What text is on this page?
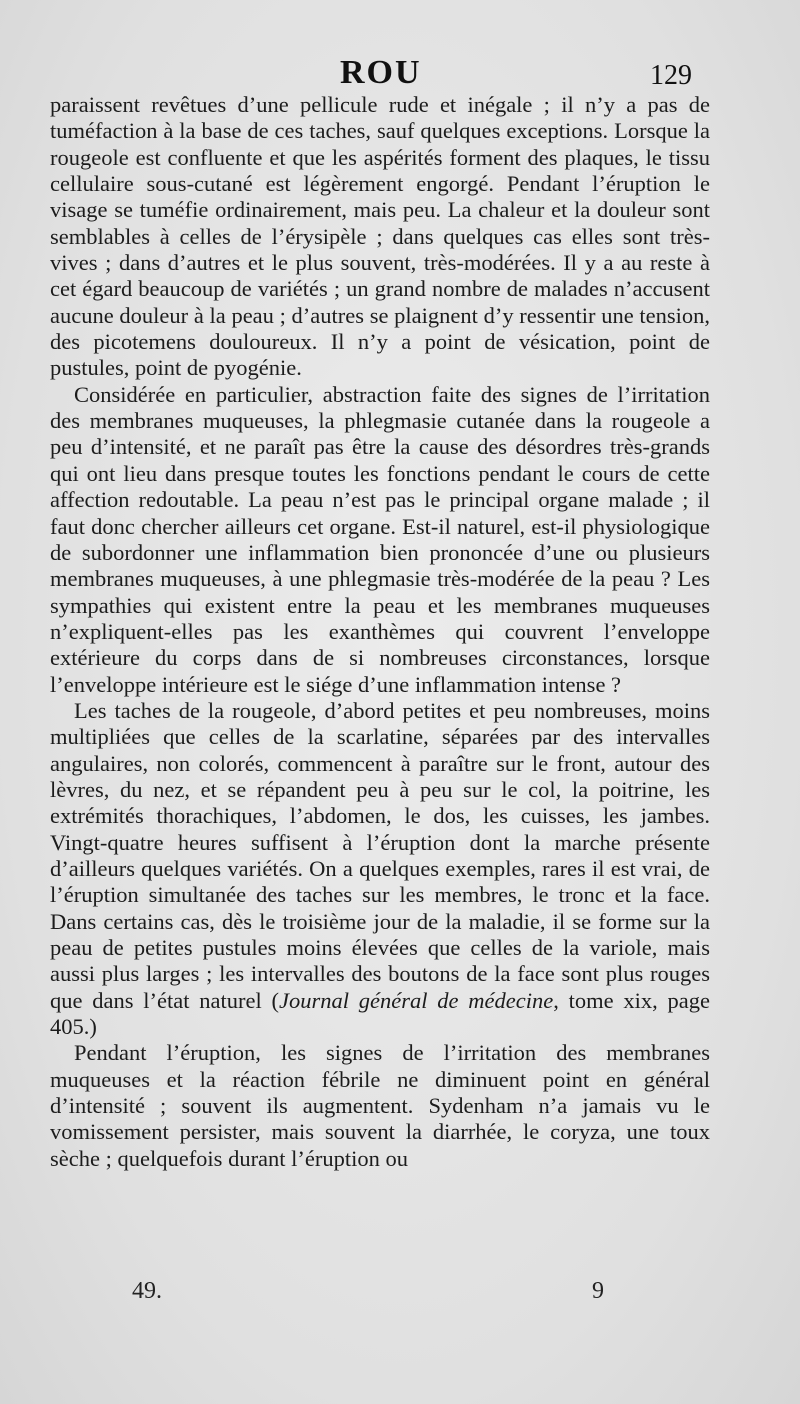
ROU	129

paraissent revêtues d’une pellicule rude et inégale ; il n’y a pas de tuméfaction à la base de ces taches, sauf quelques exceptions. Lorsque la rougeole est confluente et que les aspérités forment des plaques, le tissu cellulaire sous-cutané est légèrement engorgé. Pendant l’éruption le visage se tuméfie ordinairement, mais peu. La chaleur et la douleur sont semblables à celles de l’érysipèle ; dans quelques cas elles sont très-vives ; dans d’autres et le plus souvent, très-modérées. Il y a au reste à cet égard beaucoup de variétés ; un grand nombre de malades n’accusent aucune douleur à la peau ; d’autres se plaignent d’y ressentir une tension, des picotemens douloureux. Il n’y a point de vésication, point de pustules, point de pyogénie.

Considérée en particulier, abstraction faite des signes de l’irritation des membranes muqueuses, la phlegmasie cutanée dans la rougeole a peu d’intensité, et ne paraît pas être la cause des désordres très-grands qui ont lieu dans presque toutes les fonctions pendant le cours de cette affection redoutable. La peau n’est pas le principal organe malade ; il faut donc chercher ailleurs cet organe. Est-il naturel, est-il physiologique de subordonner une inflammation bien prononcée d’une ou plusieurs membranes muqueuses, à une phlegmasie très-modérée de la peau ? Les sympathies qui existent entre la peau et les membranes muqueuses n’expliquent-elles pas les exanthèmes qui couvrent l’enveloppe extérieure du corps dans de si nombreuses circonstances, lorsque l’enveloppe intérieure est le siége d’une inflammation intense ?

Les taches de la rougeole, d’abord petites et peu nombreuses, moins multipliées que celles de la scarlatine, séparées par des intervalles angulaires, non colorés, commencent à paraître sur le front, autour des lèvres, du nez, et se répandent peu à peu sur le col, la poitrine, les extrémités thorachiques, l’abdomen, le dos, les cuisses, les jambes. Vingt-quatre heures suffisent à l’éruption dont la marche présente d’ailleurs quelques variétés. On a quelques exemples, rares il est vrai, de l’éruption simultanée des taches sur les membres, le tronc et la face. Dans certains cas, dès le troisième jour de la maladie, il se forme sur la peau de petites pustules moins élevées que celles de la variole, mais aussi plus larges ; les intervalles des boutons de la face sont plus rouges que dans l’état naturel (Journal général de médecine, tome xix, page 405.)

Pendant l’éruption, les signes de l’irritation des membranes muqueuses et la réaction fébrile ne diminuent point en général d’intensité ; souvent ils augmentent. Sydenham n’a jamais vu le vomissement persister, mais souvent la diarrhée, le coryza, une toux sèche ; quelquefois durant l’éruption ou

49.	9
